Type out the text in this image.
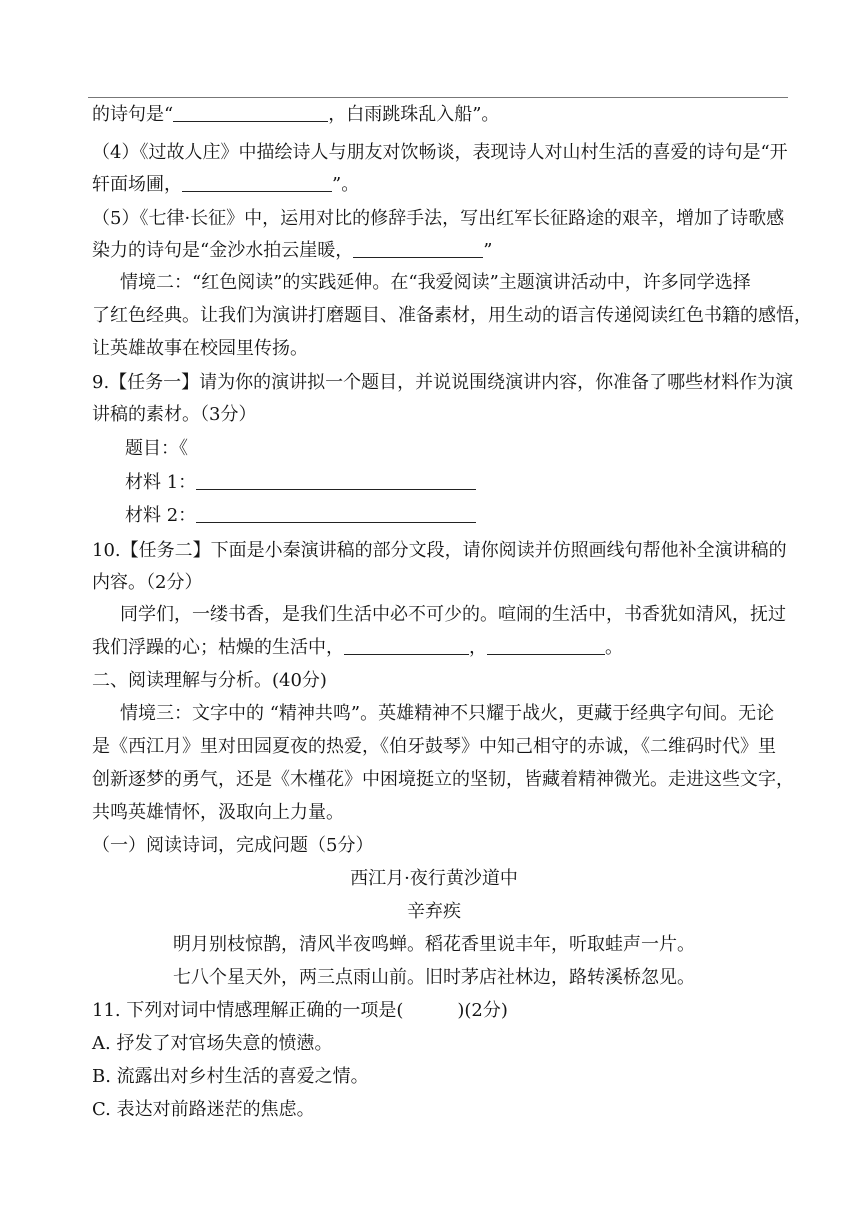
的诗句是“	，白雨跳珠乱入船”。
（4）《过故人庄》中描绘诗人与朋友对饮畅谈，表现诗人对山村生活的喜爱的诗句是“开
轩面场圃，	”。
（5）《七律·长征》中，运用对比的修辞手法，写出红军长征路途的艰辛，增加了诗歌感
染力的诗句是“金沙水拍云崖暖，	”
情境二：“红色阅读”的实践延伸。在“我爱阅读”主题演讲活动中，许多同学选择
了红色经典。让我们为演讲打磨题目、准备素材，用生动的语言传递阅读红色书籍的感悟，
让英雄故事在校园里传扬。
9.【任务一】请为你的演讲拟一个题目，并说说围绕演讲内容，你准备了哪些材料作为演
讲稿的素材。（3分）
题目：《
材料 1：
材料 2：
10.【任务二】下面是小秦演讲稿的部分文段，请你阅读并仿照画线句帮他补全演讲稿的
内容。（2分）
同学们，一缕书香，是我们生活中必不可少的。喧闹的生活中，书香犹如清风，抚过
我们浮躁的心；枯燥的生活中，	，	。
二、阅读理解与分析。(40分)
情境三：文字中的 “精神共鸣”。英雄精神不只耀于战火，更藏于经典字句间。无论
是《西江月》里对田园夏夜的热爱，《伯牙鼓琴》中知己相守的赤诚，《二维码时代》里
创新逐梦的勇气，还是《木槿花》中困境挺立的坚韧，皆藏着精神微光。走进这些文字，
共鸣英雄情怀，汲取向上力量。
（一）阅读诗词，完成问题（5分）
西江月·夜行黄沙道中
辛弃疾
明月别枝惊鹊，清风半夜鸣蝉。稻花香里说丰年，听取蛙声一片。
七八个星天外，两三点雨山前。旧时茅店社林边，路转溪桥忽见。
11. 下列对词中情感理解正确的一项是(　　　)(2分)
A. 抒发了对官场失意的愤懑。
B. 流露出对乡村生活的喜爱之情。
C. 表达对前路迷茫的焦虑。
